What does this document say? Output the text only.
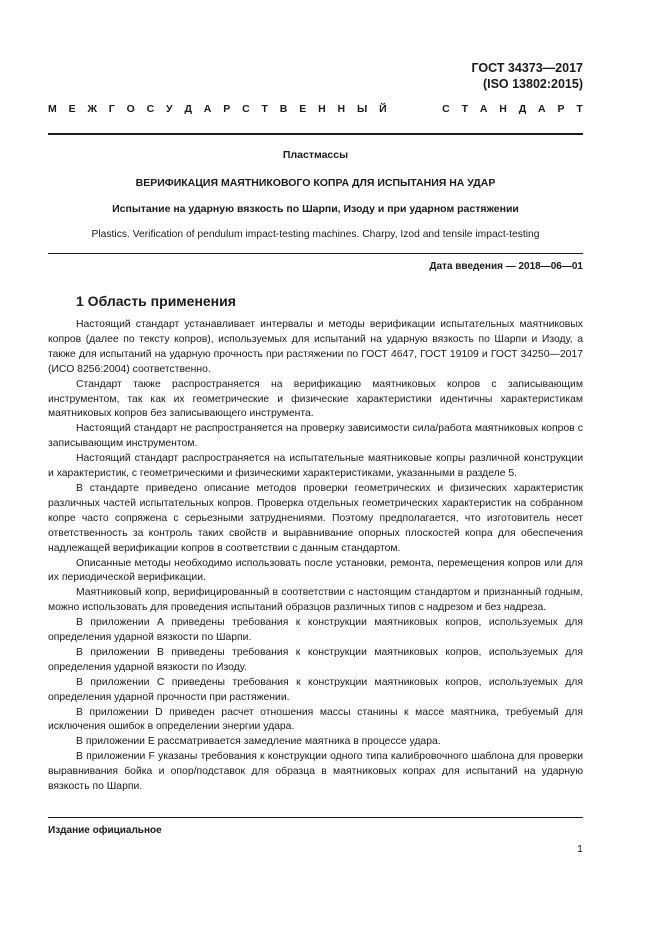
ГОСТ 34373—2017
(ISO 13802:2015)
М Е Ж Г О С У Д А Р С Т В Е Н Н Ы Й	С Т А Н Д А Р Т
Пластмассы
ВЕРИФИКАЦИЯ МАЯТНИКОВОГО КОПРА ДЛЯ ИСПЫТАНИЯ НА УДАР
Испытание на ударную вязкость по Шарпи, Изоду и при ударном растяжении
Plastics. Verification of pendulum impact-testing machines. Charpy, Izod and tensile impact-testing
Дата введения — 2018—06—01
1 Область применения

Настоящий стандарт устанавливает интервалы и методы верификации испытательных маятниковых копров (далее по тексту копров), используемых для испытаний на ударную вязкость по Шарпи и Изоду, а также для испытаний на ударную прочность при растяжении по ГОСТ 4647, ГОСТ 19109 и ГОСТ 34250—2017 (ИСО 8256:2004) соответственно.

Стандарт также распространяется на верификацию маятниковых копров с записывающим инструментом, так как их геометрические и физические характеристики идентичны характеристикам маятниковых копров без записывающего инструмента.

Настоящий стандарт не распространяется на проверку зависимости сила/работа маятниковых копров с записывающим инструментом.

Настоящий стандарт распространяется на испытательные маятниковые копры различной конструкции и характеристик, с геометрическими и физическими характеристиками, указанными в разделе 5.

В стандарте приведено описание методов проверки геометрических и физических характеристик различных частей испытательных копров. Проверка отдельных геометрических характеристик на собранном копре часто сопряжена с серьезными затруднениями. Поэтому предполагается, что изготовитель несет ответственность за контроль таких свойств и выравнивание опорных плоскостей копра для обеспечения надлежащей верификации копров в соответствии с данным стандартом.

Описанные методы необходимо использовать после установки, ремонта, перемещения копров или для их периодической верификации.

Маятниковый копр, верифицированный в соответствии с настоящим стандартом и признанный годным, можно использовать для проведения испытаний образцов различных типов с надрезом и без надреза.

В приложении А приведены требования к конструкции маятниковых копров, используемых для определения ударной вязкости по Шарпи.

В приложении В приведены требования к конструкции маятниковых копров, используемых для определения ударной вязкости по Изоду.

В приложении С приведены требования к конструкции маятниковых копров, используемых для определения ударной прочности при растяжении.

В приложении D приведен расчет отношения массы станины к массе маятника, требуемый для исключения ошибок в определении энергии удара.

В приложении Е рассматривается замедление маятника в процессе удара.

В приложении F указаны требования к конструкции одного типа калибровочного шаблона для проверки выравнивания бойка и опор/подставок для образца в маятниковых копрах для испытаний на ударную вязкость по Шарпи.

Издание официальное
1
